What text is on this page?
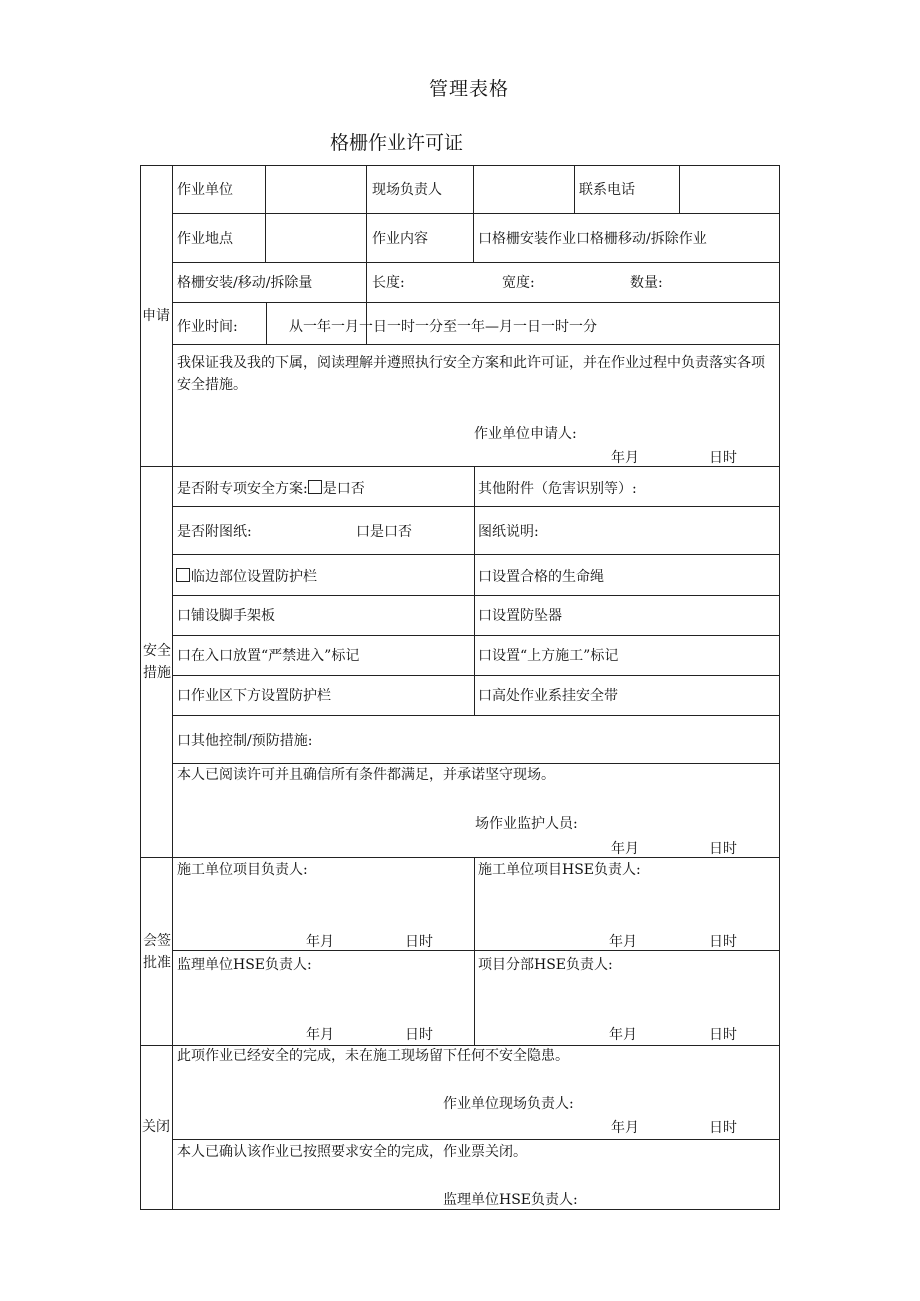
管理表格
格栅作业许可证
申请
安全措施
会签批准
关闭
作业单位	现场负责人	联系电话
作业地点	作业内容	口格栅安装作业口格栅移动/拆除作业
格栅安装/移动/拆除量	长度:	宽度:	数量:
作业时间:	从一年一月一日一时一分至一年—月一日一时一分
我保证我及我的下属，阅读理解并遵照执行安全方案和此许可证，并在作业过程中负责落实各项安全措施。
作业单位申请人:
年月	日时
是否附专项安全方案: 是口否	其他附件（危害识别等）:
是否附图纸:	口是口否	图纸说明:
临边部位设置防护栏	口设置合格的生命绳
口铺设脚手架板	口设置防坠器
口在入口放置“严禁进入”标记	口设置“上方施工”标记
口作业区下方设置防护栏	口高处作业系挂安全带
口其他控制/预防措施:
本人已阅读许可并且确信所有条件都满足，并承诺坚守现场。
场作业监护人员:
年月	日时
施工单位项目负责人:	施工单位项目HSE负责人:
年月	日时	年月	日时
监理单位HSE负责人:	项目分部HSE负责人:
年月	日时	年月	日时
此项作业已经安全的完成，未在施工现场留下任何不安全隐患。
作业单位现场负责人:
年月	日时
本人已确认该作业已按照要求安全的完成，作业票关闭。
监理单位HSE负责人:
